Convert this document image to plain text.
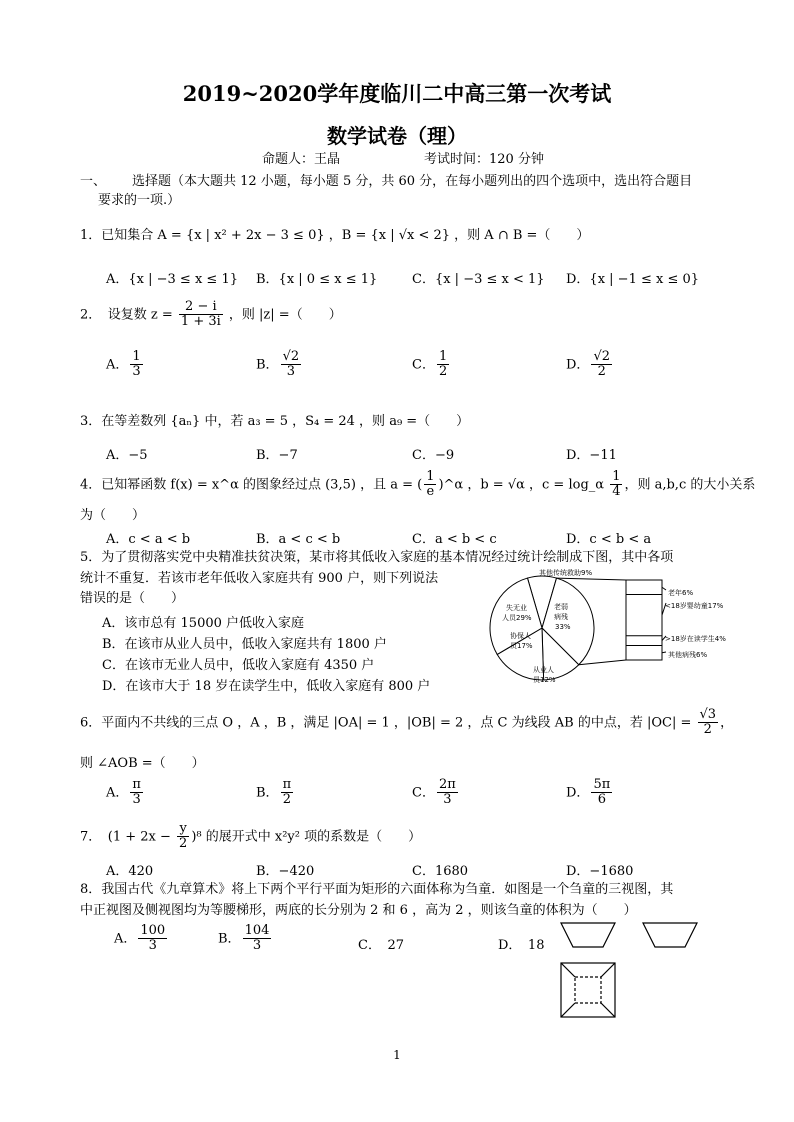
2019~2020学年度临川二中高三第一次考试
数学试卷（理）
命题人：王晶	考试时间：120 分钟
一、 选择题（本大题共 12 小题，每小题 5 分，共 60 分，在每小题列出的四个选项中，选出符合题目
要求的一项.）
1．已知集合 A = {x | x² + 2x − 3 ≤ 0} ，B = {x | √x < 2} ，则 A ∩ B =（　　）
A．{x | −3 ≤ x ≤ 1} B．{x | 0 ≤ x ≤ 1}	C．{x | −3 ≤ x < 1} D．{x | −1 ≤ x ≤ 0}
2．　设复数 $z = \frac{2 - i}{1 + 3i}$ ，则 |z| =（　　）
A． $\frac{1}{3}$	B． $\frac{√2}{3}$	C． $\frac{1}{2}$	D． $\frac{√2}{2}$
3．在等差数列 {aₙ} 中，若 a₃ = 5 ，S₄ = 24 ，则 a₉ =（　　）
A．−5	B．−7	C．−9	D．−11
4．已知幂函数 f(x) = x^α 的图象经过点 (3,5) ，且 a = ( $\frac{1}{e}$ )^α ，b = √α ，c = log_α $\frac{1}{4}$ ，则 a,b,c 的大小关系
为（　　）
A．c < a < b	B．a < c < b	C．a < b < c	D．c < b < a
5．为了贯彻落实党中央精准扶贫决策，某市将其低收入家庭的基本情况经过统计绘制成下图，其中各项
统计不重复．若该市老年低收入家庭共有 900 户，则下列说法
错误的是（　　）
A．该市总有 15000 户低收入家庭
B．在该市从业人员中，低收入家庭共有 1800 户
C．在该市无业人员中，低收入家庭有 4350 户
D．在该市大于 18 岁在读学生中，低收入家庭有 800 户
其他传统救助9%
老弱
病残
33%
失无业
人员29%
协保人
员17%
从业人
员12%
老年6%
<18岁婴幼童17%
>18岁在读学生4%
其他病残6%
6．平面内不共线的三点 O ，A ，B ，满足 |OA| = 1 ，|OB| = 2 ，点 C 为线段 AB 的中点，若 $|OC| = \frac{√3}{2}$ ，
则 ∠AOB =（　　）
A． $\frac{\pi}{3}$	B． $\frac{\pi}{2}$	C． $\frac{2\pi}{3}$	D． $\frac{5\pi}{6}$
7．　$(1 + 2x - \frac{y}{2} )^8$ 的展开式中 x²y² 项的系数是（　　）
A．420	B．−420	C．1680	D．−1680
8．我国古代《九章算术》将上下两个平行平面为矩形的六面体称为刍童．如图是一个刍童的三视图，其
中正视图及侧视图均为等腰梯形，两底的长分别为 2 和 6 ，高为 2 ，则该刍童的体积为（　　）
A． $\frac{100}{3}$	B． $\frac{104}{3}$	C．　27	D．　18
1
